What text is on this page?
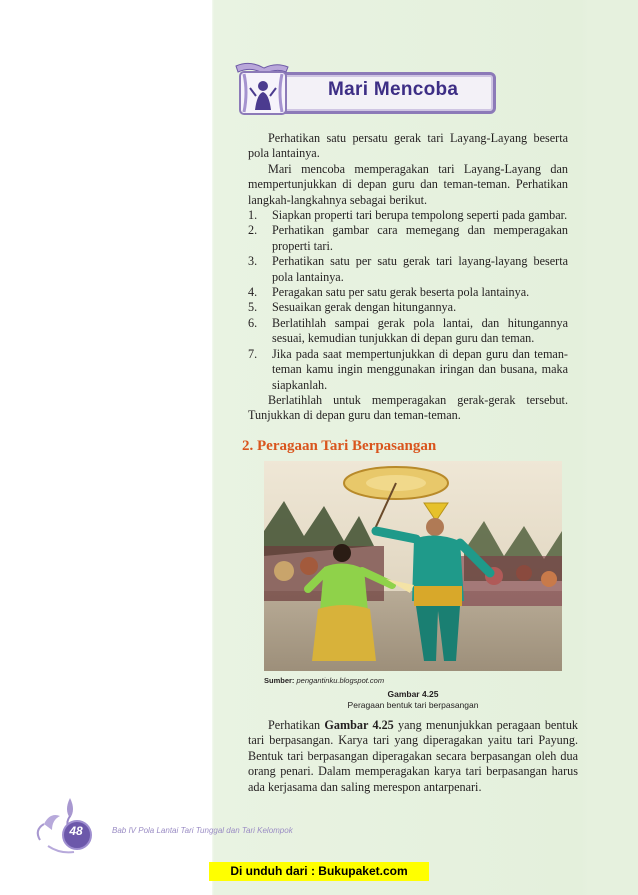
Mari Mencoba

Perhatikan satu persatu gerak tari Layang-Layang beserta pola lantainya.

Mari mencoba memperagakan tari Layang-Layang dan mempertunjukkan di depan guru dan teman-teman. Perhatikan langkah-langkahnya sebagai berikut.

1. Siapkan properti tari berupa tempolong seperti pada gambar.
2. Perhatikan gambar cara memegang dan memperagakan properti tari.
3. Perhatikan satu per satu gerak tari layang-layang beserta pola lantainya.
4. Peragakan satu per satu gerak beserta pola lantainya.
5. Sesuaikan gerak dengan hitungannya.
6. Berlatihlah sampai gerak pola lantai, dan hitungannya sesuai, kemudian tunjukkan di depan guru dan teman.
7. Jika pada saat mempertunjukkan di depan guru dan teman-teman kamu ingin menggunakan iringan dan busana, maka siapkanlah.

Berlatihlah untuk memperagakan gerak-gerak tersebut. Tunjukkan di depan guru dan teman-teman.

2. Peragaan Tari Berpasangan
Sumber: pengantinku.blogspot.com
Gambar 4.25
Peragaan bentuk tari berpasangan

Perhatikan Gambar 4.25 yang menunjukkan peragaan bentuk tari berpasangan. Karya tari yang diperagakan yaitu tari Payung. Bentuk tari berpasangan diperagakan secara berpasangan oleh dua orang penari. Dalam memperagakan karya tari berpasangan harus ada kerjasama dan saling merespon antarpenari.

48	Bab IV Pola Lantai Tari Tunggal dan Tari Kelompok
Di unduh dari : Bukupaket.com
